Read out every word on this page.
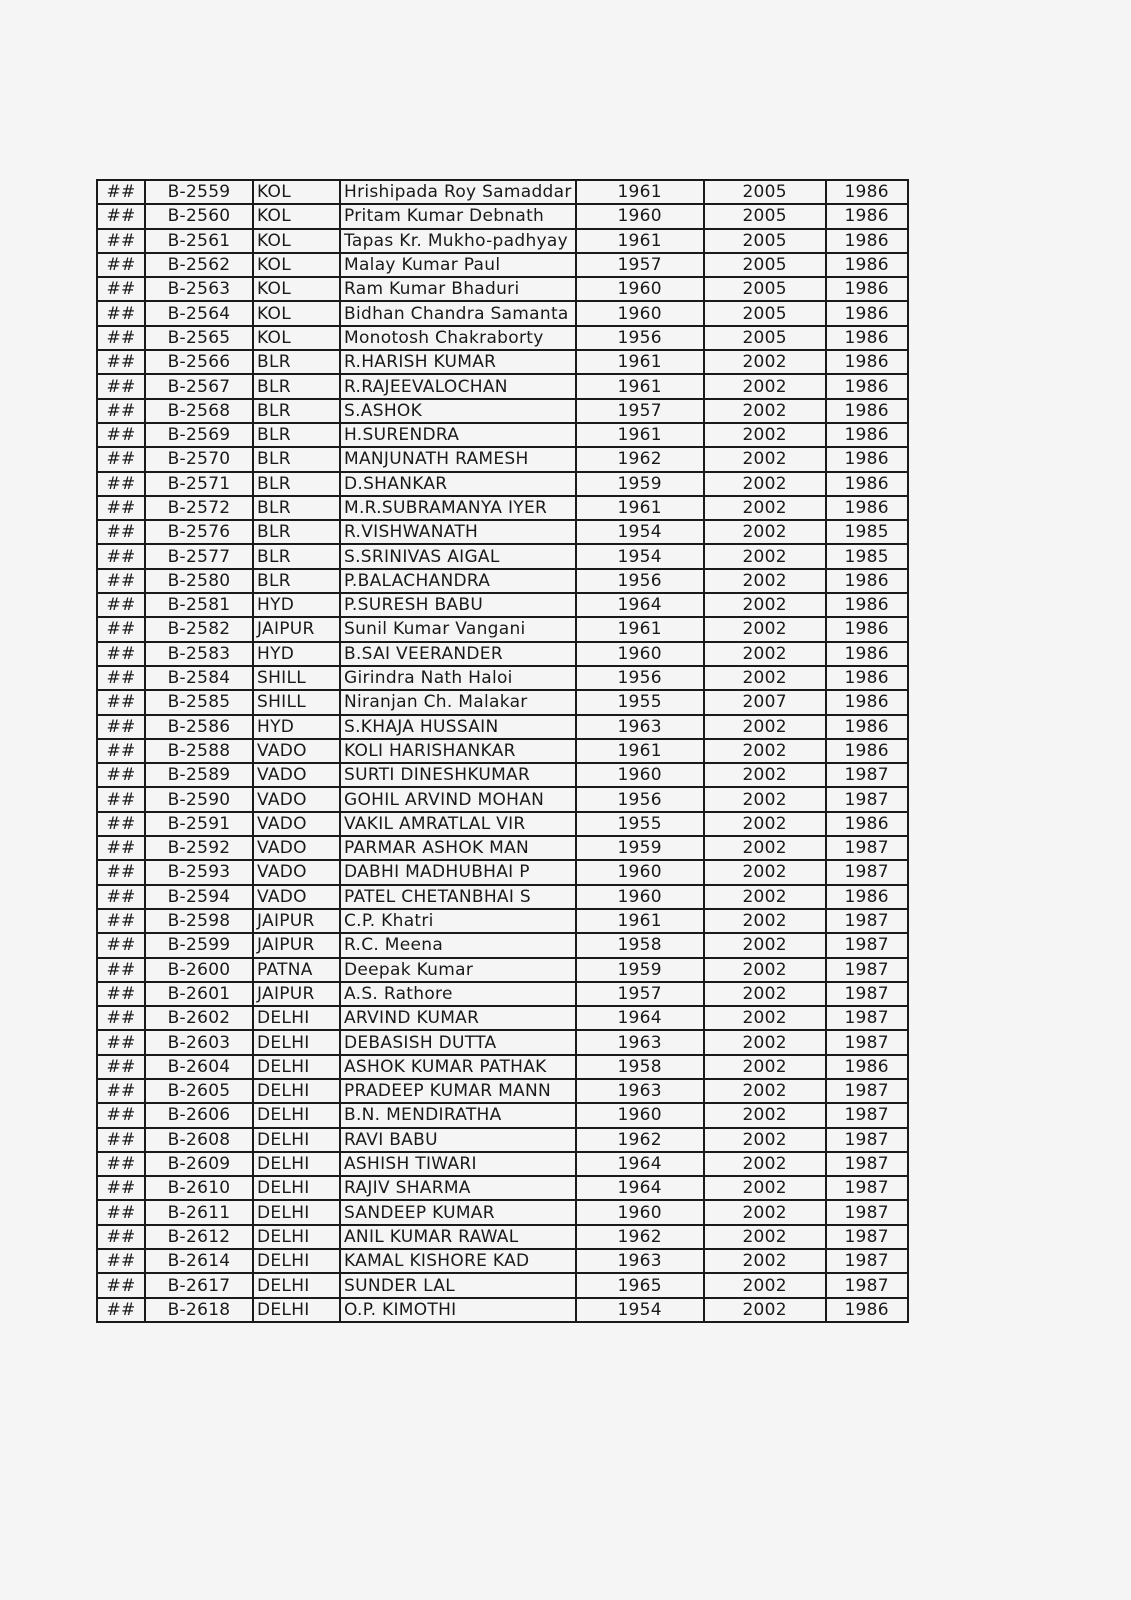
##	B-2559	KOL	Hrishipada Roy Samaddar	1961	2005	1986
##	B-2560	KOL	Pritam Kumar Debnath	1960	2005	1986
##	B-2561	KOL	Tapas Kr. Mukho-padhyay	1961	2005	1986
##	B-2562	KOL	Malay Kumar Paul	1957	2005	1986
##	B-2563	KOL	Ram Kumar Bhaduri	1960	2005	1986
##	B-2564	KOL	Bidhan Chandra Samanta	1960	2005	1986
##	B-2565	KOL	Monotosh Chakraborty	1956	2005	1986
##	B-2566	BLR	R.HARISH KUMAR	1961	2002	1986
##	B-2567	BLR	R.RAJEEVALOCHAN	1961	2002	1986
##	B-2568	BLR	S.ASHOK	1957	2002	1986
##	B-2569	BLR	H.SURENDRA	1961	2002	1986
##	B-2570	BLR	MANJUNATH RAMESH	1962	2002	1986
##	B-2571	BLR	D.SHANKAR	1959	2002	1986
##	B-2572	BLR	M.R.SUBRAMANYA IYER	1961	2002	1986
##	B-2576	BLR	R.VISHWANATH	1954	2002	1985
##	B-2577	BLR	S.SRINIVAS AIGAL	1954	2002	1985
##	B-2580	BLR	P.BALACHANDRA	1956	2002	1986
##	B-2581	HYD	P.SURESH BABU	1964	2002	1986
##	B-2582	JAIPUR	Sunil Kumar Vangani	1961	2002	1986
##	B-2583	HYD	B.SAI VEERANDER	1960	2002	1986
##	B-2584	SHILL	Girindra Nath Haloi	1956	2002	1986
##	B-2585	SHILL	Niranjan Ch. Malakar	1955	2007	1986
##	B-2586	HYD	S.KHAJA HUSSAIN	1963	2002	1986
##	B-2588	VADO	KOLI HARISHANKAR	1961	2002	1986
##	B-2589	VADO	SURTI DINESHKUMAR	1960	2002	1987
##	B-2590	VADO	GOHIL ARVIND MOHAN	1956	2002	1987
##	B-2591	VADO	VAKIL AMRATLAL VIR	1955	2002	1986
##	B-2592	VADO	PARMAR ASHOK MAN	1959	2002	1987
##	B-2593	VADO	DABHI MADHUBHAI P	1960	2002	1987
##	B-2594	VADO	PATEL CHETANBHAI S	1960	2002	1986
##	B-2598	JAIPUR	C.P. Khatri	1961	2002	1987
##	B-2599	JAIPUR	R.C. Meena	1958	2002	1987
##	B-2600	PATNA	Deepak Kumar	1959	2002	1987
##	B-2601	JAIPUR	A.S. Rathore	1957	2002	1987
##	B-2602	DELHI	ARVIND KUMAR	1964	2002	1987
##	B-2603	DELHI	DEBASISH DUTTA	1963	2002	1987
##	B-2604	DELHI	ASHOK KUMAR PATHAK	1958	2002	1986
##	B-2605	DELHI	PRADEEP KUMAR MANN	1963	2002	1987
##	B-2606	DELHI	B.N. MENDIRATHA	1960	2002	1987
##	B-2608	DELHI	RAVI BABU	1962	2002	1987
##	B-2609	DELHI	ASHISH TIWARI	1964	2002	1987
##	B-2610	DELHI	RAJIV SHARMA	1964	2002	1987
##	B-2611	DELHI	SANDEEP KUMAR	1960	2002	1987
##	B-2612	DELHI	ANIL KUMAR RAWAL	1962	2002	1987
##	B-2614	DELHI	KAMAL KISHORE KAD	1963	2002	1987
##	B-2617	DELHI	SUNDER LAL	1965	2002	1987
##	B-2618	DELHI	O.P. KIMOTHI	1954	2002	1986
